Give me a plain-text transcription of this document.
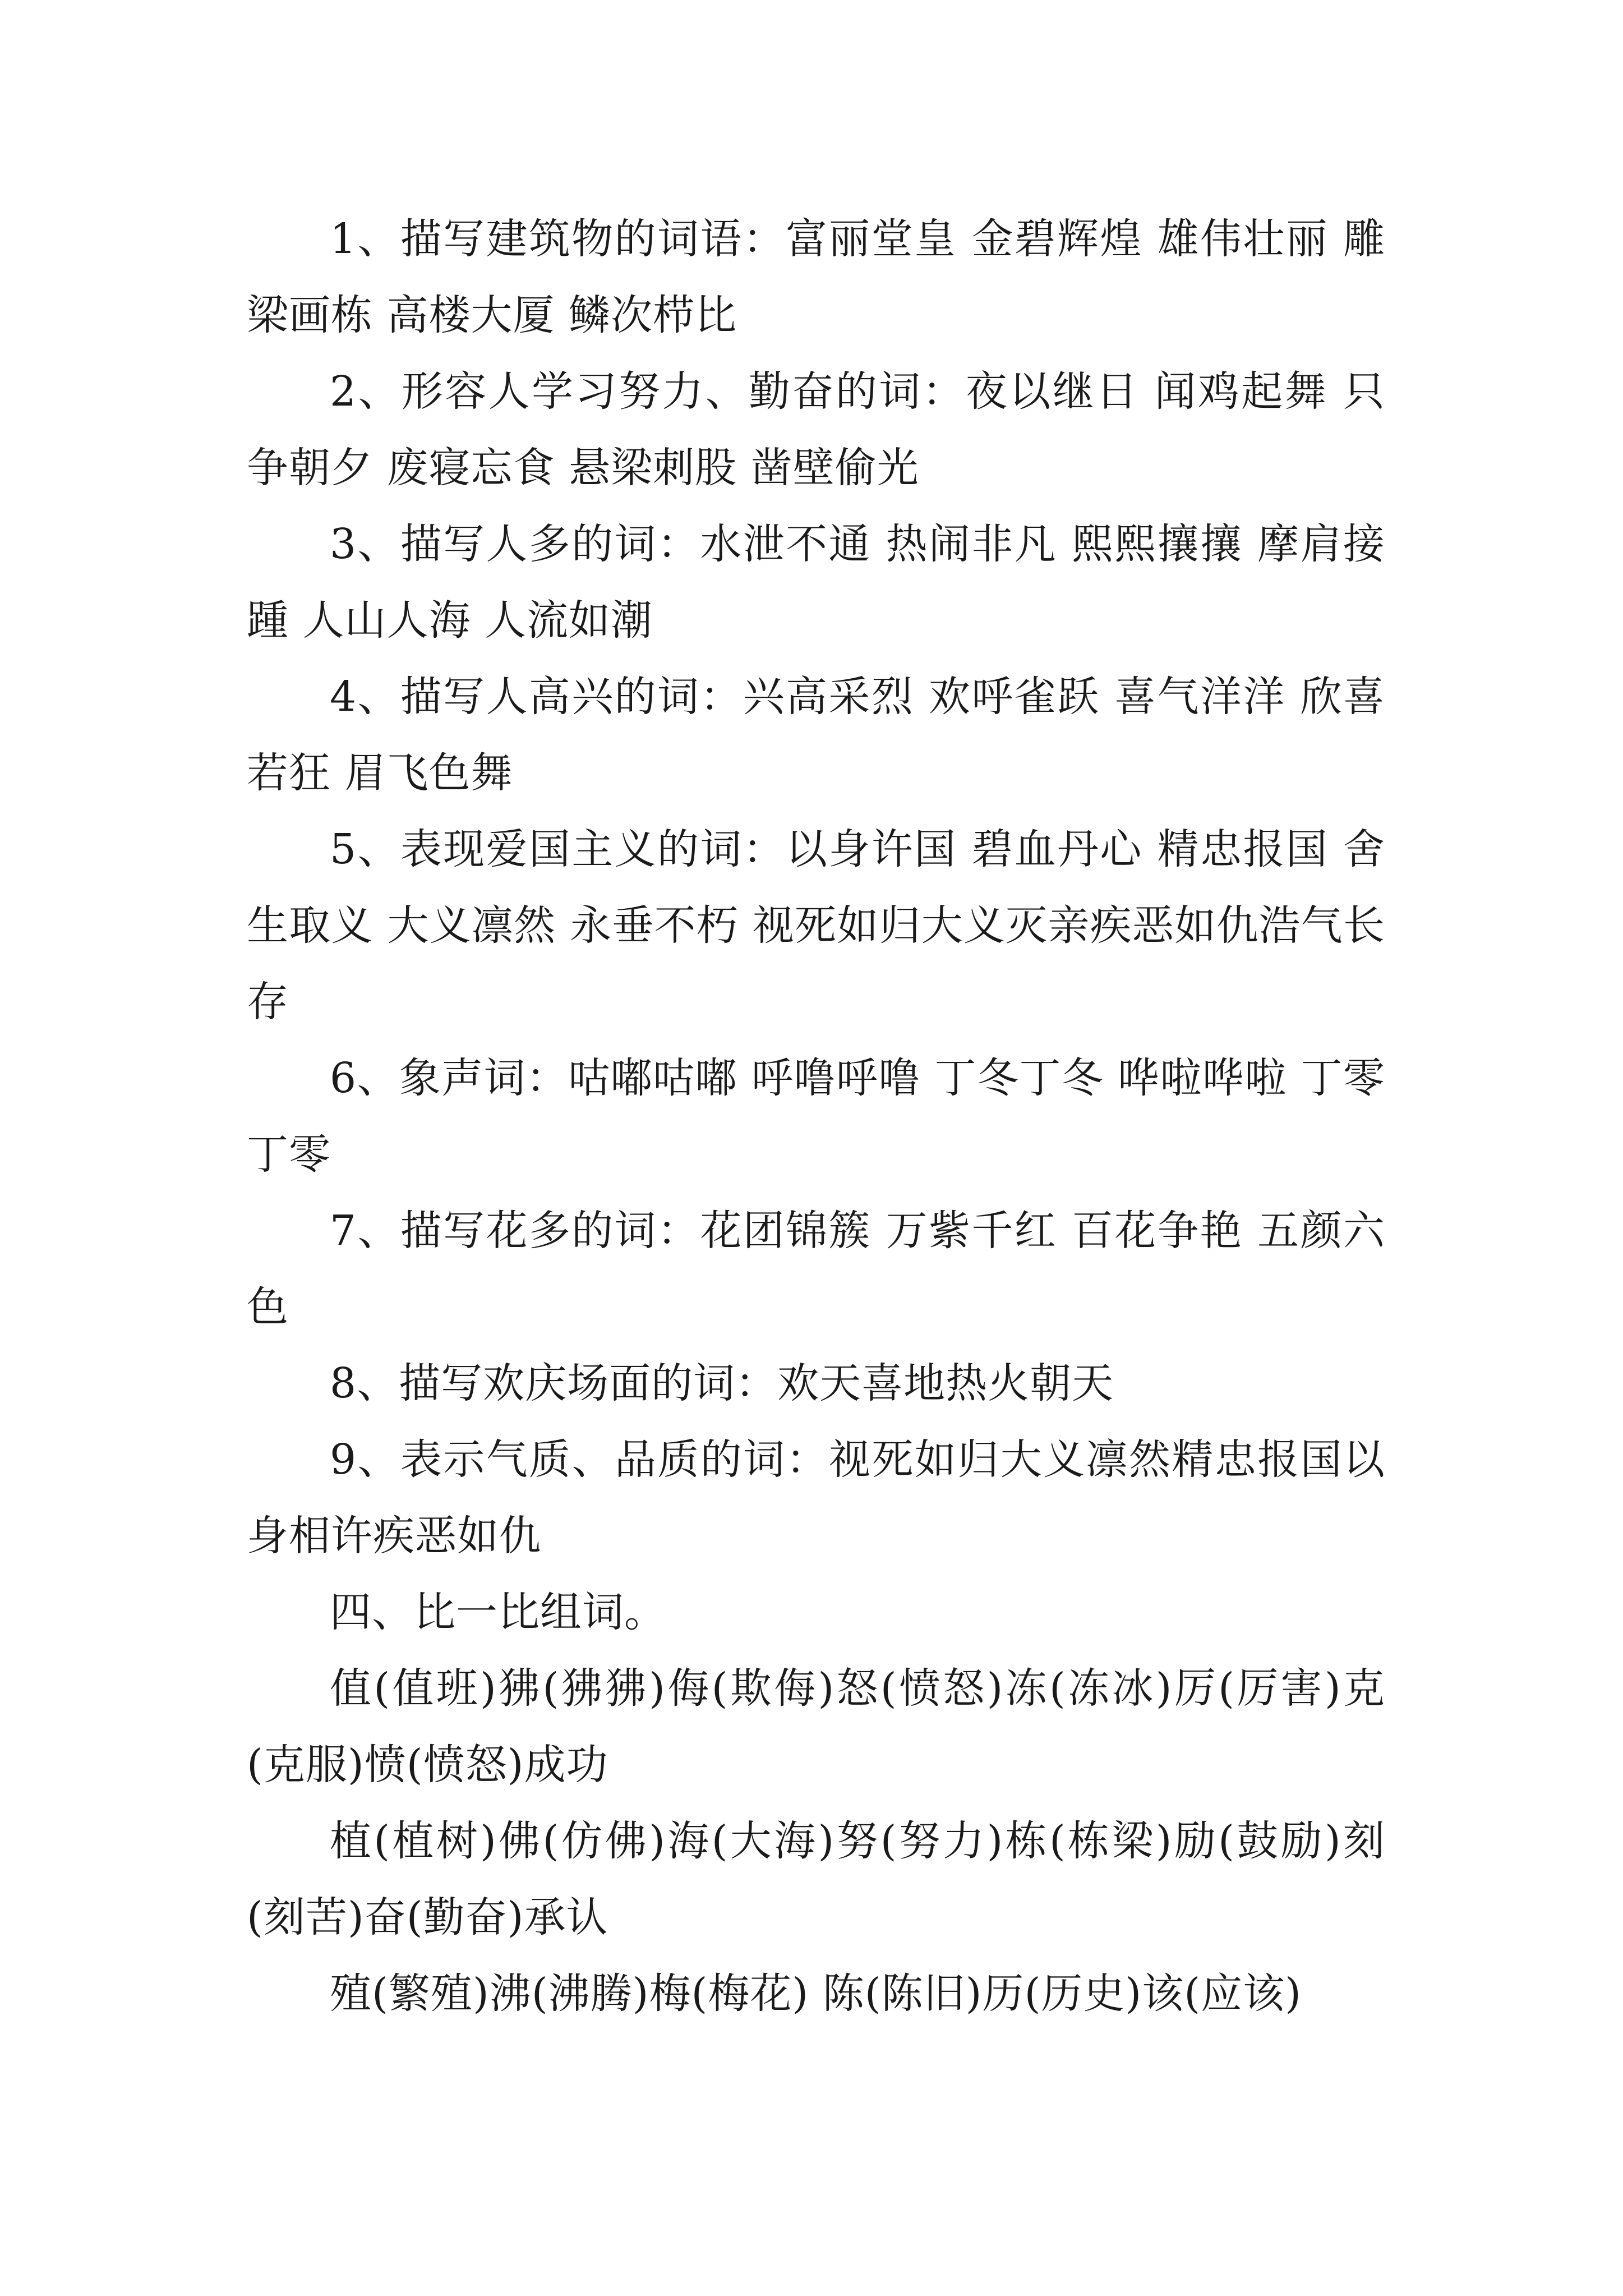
1、描写建筑物的词语：富丽堂皇 金碧辉煌 雄伟壮丽 雕梁画栋 高楼大厦 鳞次栉比

2、形容人学习努力、勤奋的词：夜以继日 闻鸡起舞 只争朝夕 废寝忘食 悬梁刺股 凿壁偷光

3、描写人多的词：水泄不通 热闹非凡 熙熙攘攘 摩肩接踵 人山人海 人流如潮

4、描写人高兴的词：兴高采烈 欢呼雀跃 喜气洋洋 欣喜若狂 眉飞色舞

5、表现爱国主义的词：以身许国 碧血丹心 精忠报国 舍生取义 大义凛然 永垂不朽 视死如归大义灭亲疾恶如仇浩气长存

6、象声词：咕嘟咕嘟 呼噜呼噜 丁冬丁冬 哗啦哗啦 丁零丁零

7、描写花多的词：花团锦簇 万紫千红 百花争艳 五颜六色

8、描写欢庆场面的词：欢天喜地热火朝天

9、表示气质、品质的词：视死如归大义凛然精忠报国以身相许疾恶如仇

四、比一比组词。

值(值班)狒(狒狒)侮(欺侮)怒(愤怒)冻(冻冰)厉(厉害)克(克服)愤(愤怒)成功

植(植树)佛(仿佛)海(大海)努(努力)栋(栋梁)励(鼓励)刻(刻苦)奋(勤奋)承认

殖(繁殖)沸(沸腾)梅(梅花) 陈(陈旧)历(历史)该(应该)
